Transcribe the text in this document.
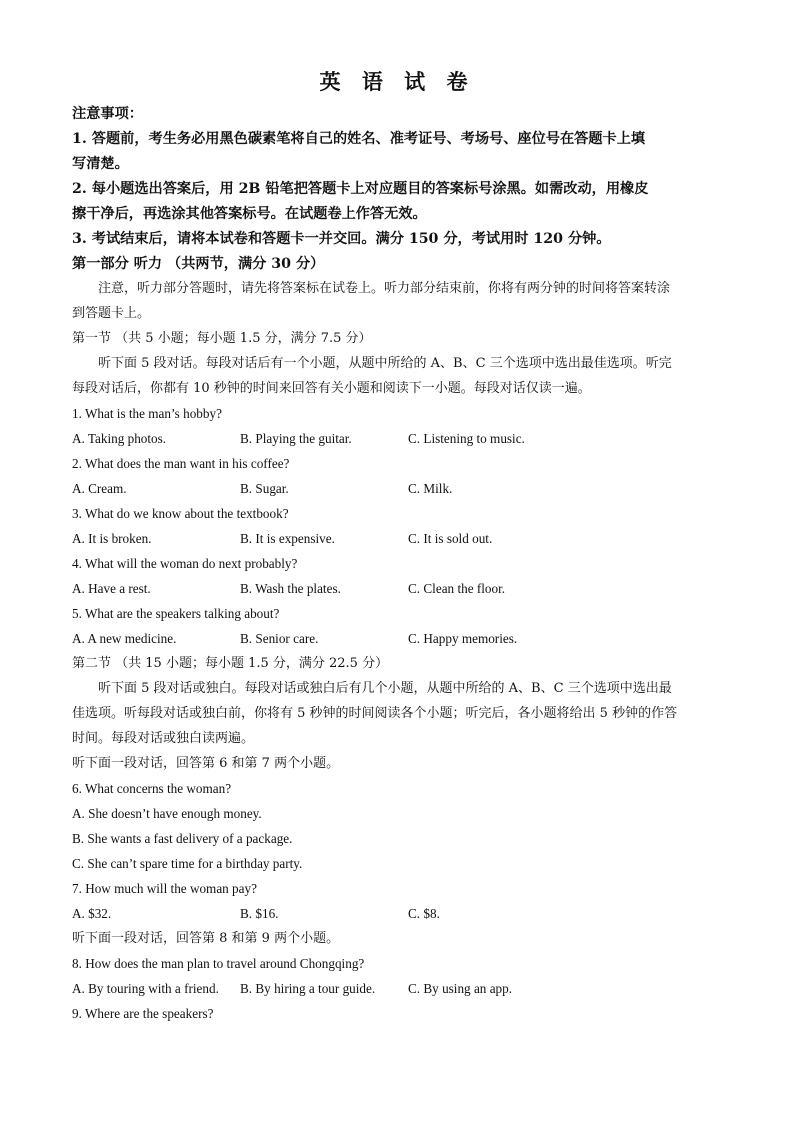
英 语 试 卷
注意事项：
1. 答题前，考生务必用黑色碳素笔将自己的姓名、准考证号、考场号、座位号在答题卡上填
写清楚。
2. 每小题选出答案后，用 2B 铅笔把答题卡上对应题目的答案标号涂黑。如需改动，用橡皮
擦干净后，再选涂其他答案标号。在试题卷上作答无效。
3. 考试结束后，请将本试卷和答题卡一并交回。满分 150 分，考试用时 120 分钟。
第一部分 听力 （共两节，满分 30 分）
注意，听力部分答题时，请先将答案标在试卷上。听力部分结束前，你将有两分钟的时间将答案转涂
到答题卡上。
第一节 （共 5 小题；每小题 1.5 分，满分 7.5 分）
听下面 5 段对话。每段对话后有一个小题，从题中所给的 A、B、C 三个选项中选出最佳选项。听完
每段对话后，你都有 10 秒钟的时间来回答有关小题和阅读下一小题。每段对话仅读一遍。
1. What is the man’s hobby?
A. Taking photos.	B. Playing the guitar.	C. Listening to music.
2. What does the man want in his coffee?
A. Cream.	B. Sugar.	C. Milk.
3. What do we know about the textbook?
A. It is broken.	B. It is expensive.	C. It is sold out.
4. What will the woman do next probably?
A. Have a rest.	B. Wash the plates.	C. Clean the floor.
5. What are the speakers talking about?
A. A new medicine.	B. Senior care.	C. Happy memories.
第二节 （共 15 小题；每小题 1.5 分，满分 22.5 分）
听下面 5 段对话或独白。每段对话或独白后有几个小题，从题中所给的 A、B、C 三个选项中选出最
佳选项。听每段对话或独白前，你将有 5 秒钟的时间阅读各个小题；听完后，各小题将给出 5 秒钟的作答
时间。每段对话或独白读两遍。
听下面一段对话，回答第 6 和第 7 两个小题。
6. What concerns the woman?
A. She doesn’t have enough money.
B. She wants a fast delivery of a package.
C. She can’t spare time for a birthday party.
7. How much will the woman pay?
A. $32.	B. $16.	C. $8.
听下面一段对话，回答第 8 和第 9 两个小题。
8. How does the man plan to travel around Chongqing?
A. By touring with a friend. B. By hiring a tour guide. C. By using an app.
9. Where are the speakers?
